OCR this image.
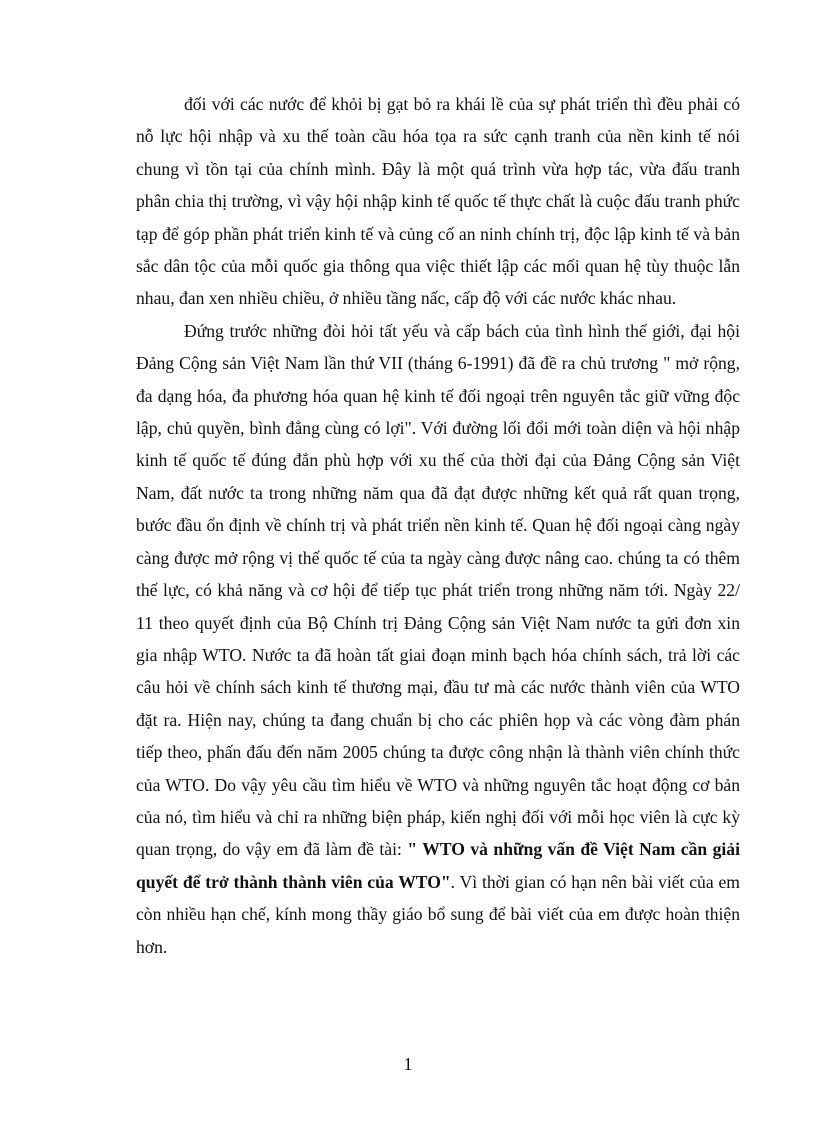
đối với các nước để khỏi bị gạt bỏ ra khái lề của sự phát triển thì đều phải có nỗ lực hội nhập và xu thế toàn cầu hóa tọa ra sức cạnh tranh của nền kinh tế nói chung vì tồn tại của chính mình. Đây là một quá trình vừa hợp tác, vừa đấu tranh phân chia thị trường, vì vậy hội nhập kinh tế quốc tế thực chất là cuộc đấu tranh phức tạp để góp phần phát triển kinh tế và củng cố an ninh chính trị, độc lập kinh tế và bản sắc dân tộc của mỗi quốc gia thông qua việc thiết lập các mối quan hệ tùy thuộc lẫn nhau, đan xen nhiều chiều, ở nhiều tầng nấc, cấp độ với các nước khác nhau.

Đứng trước những đòi hỏi tất yếu và cấp bách của tình hình thế giới, đại hội Đảng Cộng sản Việt Nam lần thứ VII (tháng 6-1991) đã đề ra chủ trương " mở rộng, đa dạng hóa, đa phương hóa quan hệ kinh tế đối ngoại trên nguyên tắc giữ vững độc lập, chủ quyền, bình đẳng cùng có lợi". Với đường lối đổi mới toàn diện và hội nhập kinh tế quốc tế đúng đắn phù hợp với xu thế của thời đại của Đảng Cộng sản Việt Nam, đất nước ta trong những năm qua đã đạt được những kết quả rất quan trọng, bước đầu ổn định về chính trị và phát triển nền kinh tế. Quan hệ đối ngoại càng ngày càng được mở rộng vị thế quốc tế của ta ngày càng được nâng cao. chúng ta có thêm thế lực, có khả năng và cơ hội để tiếp tục phát triển trong những năm tới. Ngày 22/ 11 theo quyết định của Bộ Chính trị Đảng Cộng sản Việt Nam nước ta gửi đơn xin gia nhập WTO. Nước ta đã hoàn tất giai đoạn minh bạch hóa chính sách, trả lời các câu hỏi về chính sách kinh tế thương mại, đầu tư mà các nước thành viên của WTO đặt ra. Hiện nay, chúng ta đang chuẩn bị cho các phiên họp và các vòng đàm phán tiếp theo, phấn đấu đến năm 2005 chúng ta được công nhận là thành viên chính thức của WTO. Do vậy yêu cầu tìm hiểu về WTO và những nguyên tắc hoạt động cơ bản của nó, tìm hiểu và chỉ ra những biện pháp, kiến nghị đối với mỗi học viên là cực kỳ quan trọng, do vậy em đã làm đề tài: " WTO và những vấn đề Việt Nam cần giải quyết để trở thành thành viên của WTO". Vì thời gian có hạn nên bài viết của em còn nhiều hạn chế, kính mong thầy giáo bổ sung để bài viết của em được hoàn thiện hơn.

1
